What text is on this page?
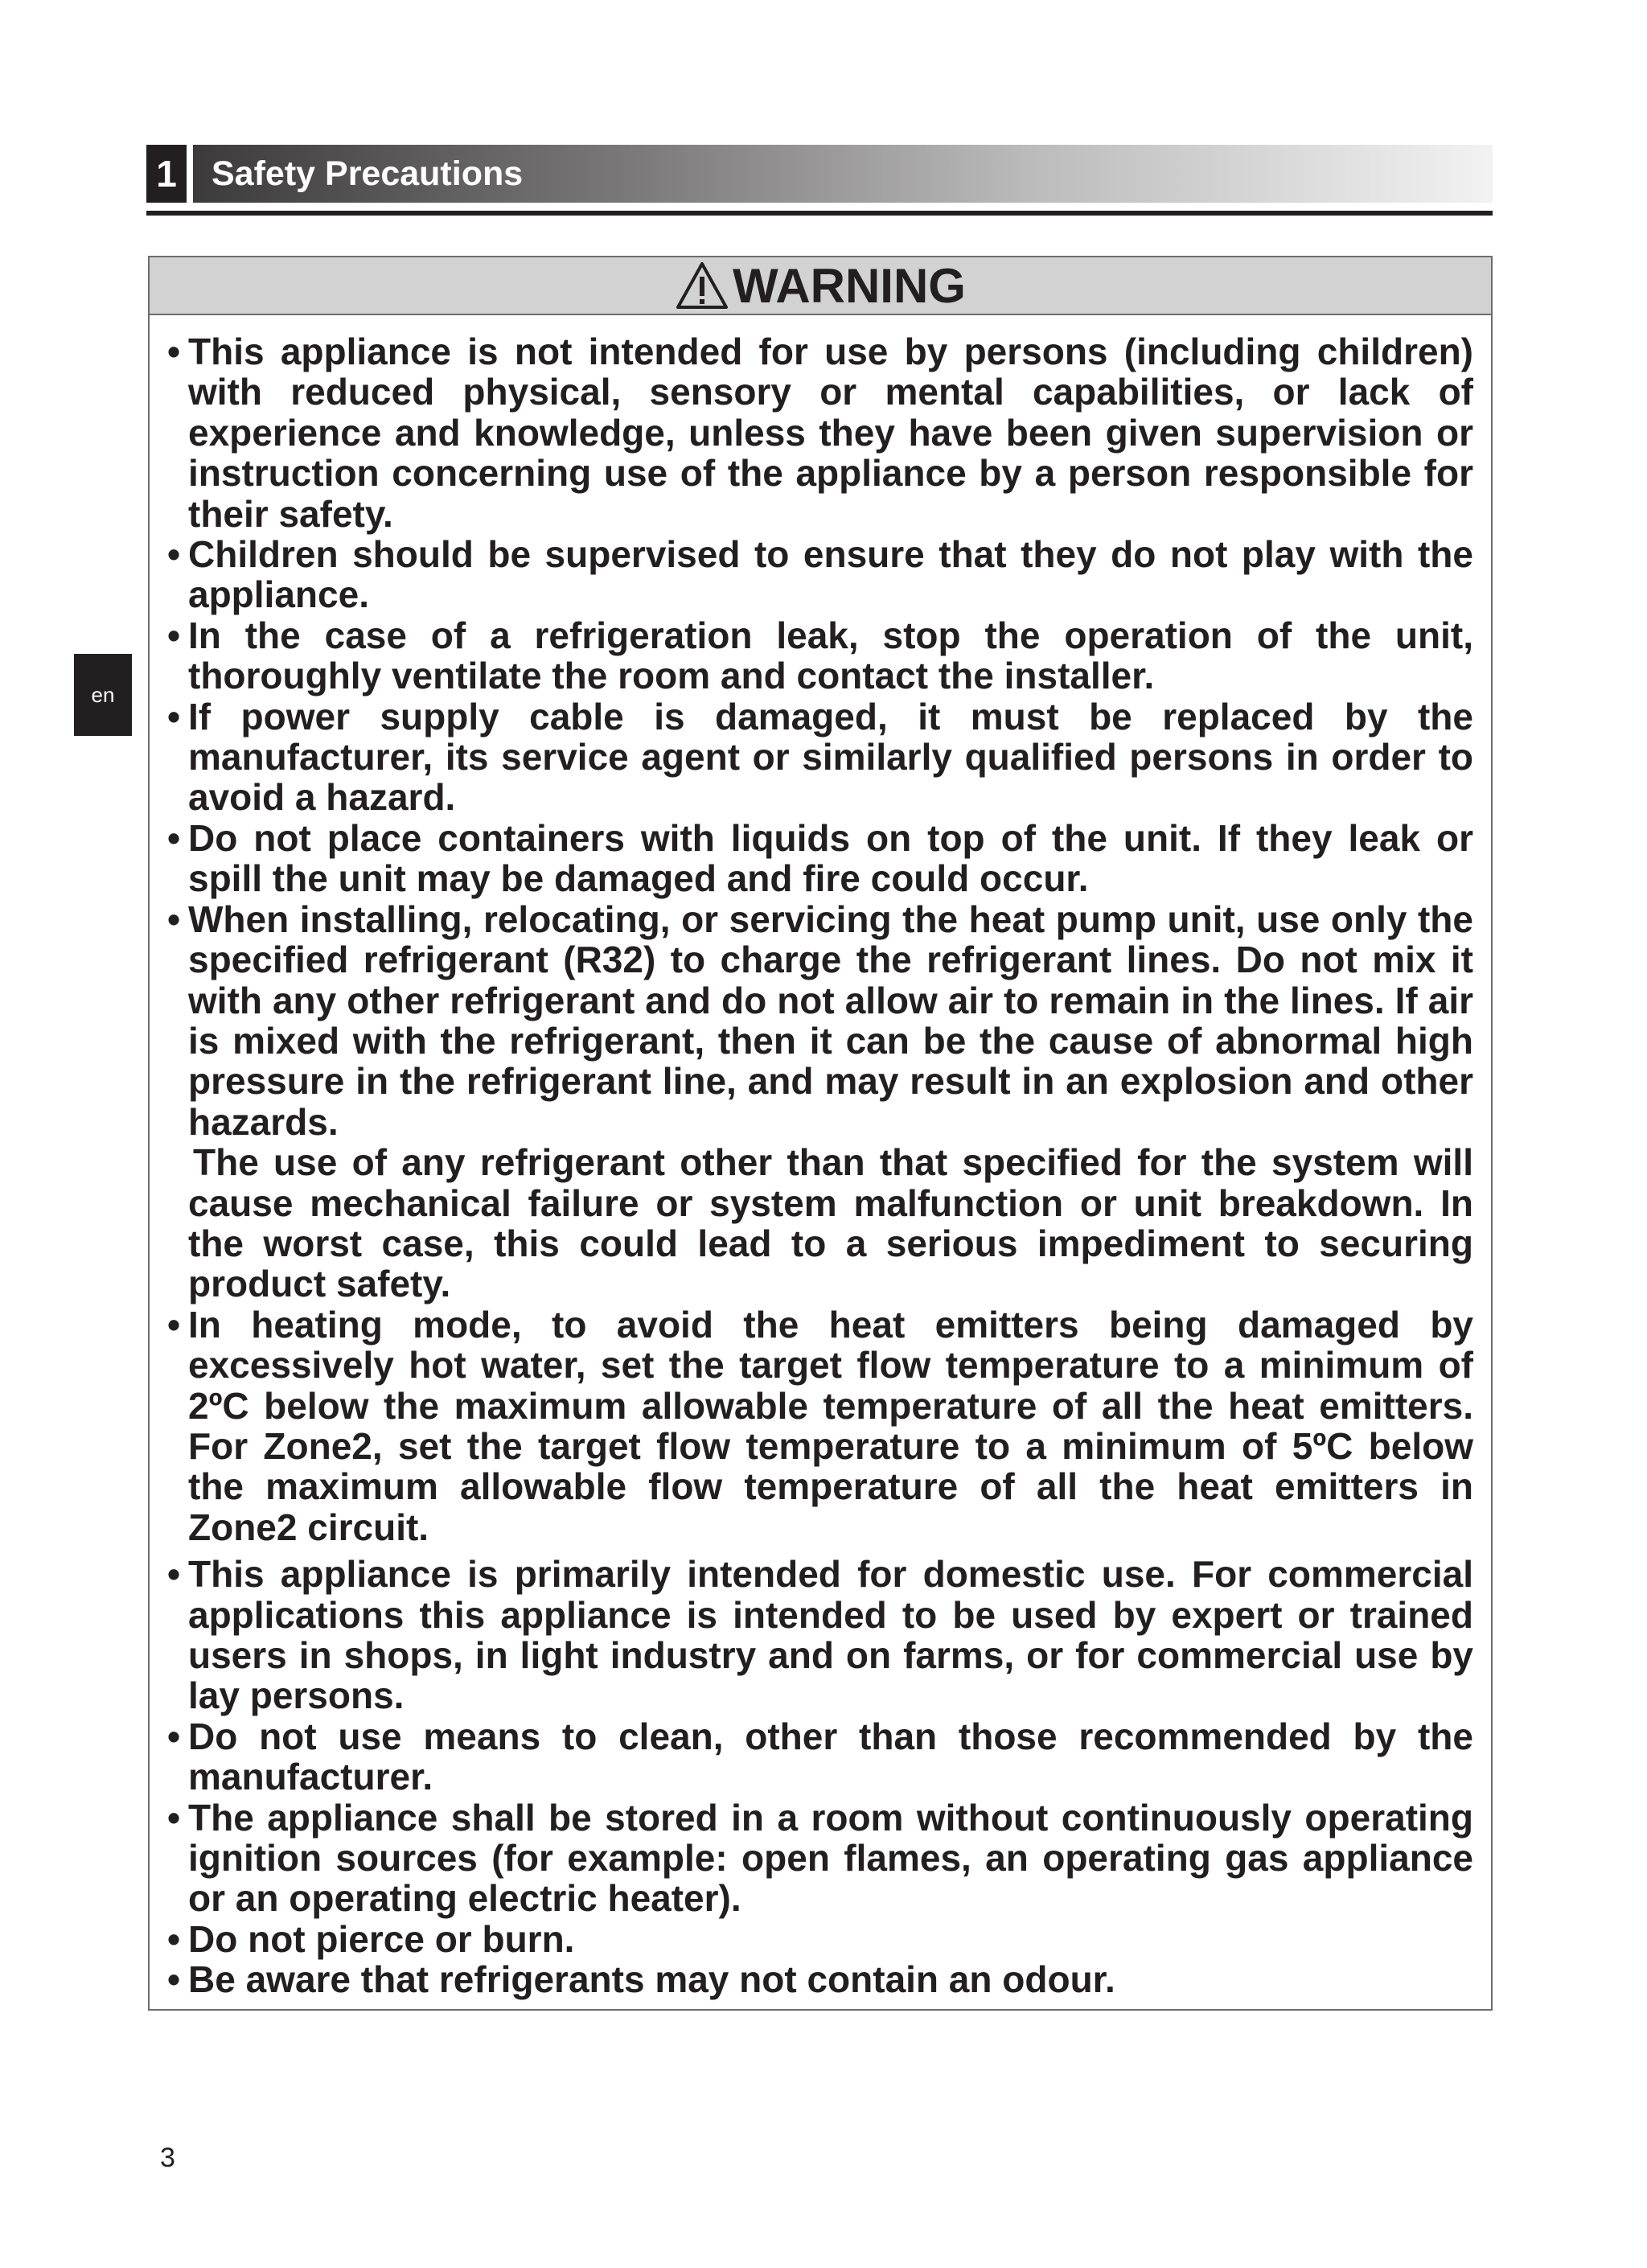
1 Safety Precautions
en
WARNING
• This appliance is not intended for use by persons (including children) with reduced physical, sensory or mental capabilities, or lack of experience and knowledge, unless they have been given supervision or instruction concerning use of the appliance by a person responsible for their safety.

• Children should be supervised to ensure that they do not play with the appliance.

• In the case of a refrigeration leak, stop the operation of the unit, thoroughly ventilate the room and contact the installer.

• If power supply cable is damaged, it must be replaced by the manufacturer, its service agent or similarly qualified persons in order to avoid a hazard.

• Do not place containers with liquids on top of the unit. If they leak or spill the unit may be damaged and fire could occur.

• When installing, relocating, or servicing the heat pump unit, use only the specified refrigerant (R32) to charge the refrigerant lines. Do not mix it with any other refrigerant and do not allow air to remain in the lines. If air is mixed with the refrigerant, then it can be the cause of abnormal high pressure in the refrigerant line, and may result in an explosion and other hazards.

The use of any refrigerant other than that specified for the system will cause mechanical failure or system malfunction or unit breakdown. In the worst case, this could lead to a serious impediment to securing product safety.

• In heating mode, to avoid the heat emitters being damaged by excessively hot water, set the target flow temperature to a minimum of 2ºC below the maximum allowable temperature of all the heat emitters. For Zone2, set the target flow temperature to a minimum of 5ºC below the maximum allowable flow temperature of all the heat emitters in Zone2 circuit.

• This appliance is primarily intended for domestic use. For commercial applications this appliance is intended to be used by expert or trained users in shops, in light industry and on farms, or for commercial use by lay persons.

• Do not use means to clean, other than those recommended by the manufacturer.

• The appliance shall be stored in a room without continuously operating ignition sources (for example: open flames, an operating gas appliance or an operating electric heater).

• Do not pierce or burn.

• Be aware that refrigerants may not contain an odour.

3
